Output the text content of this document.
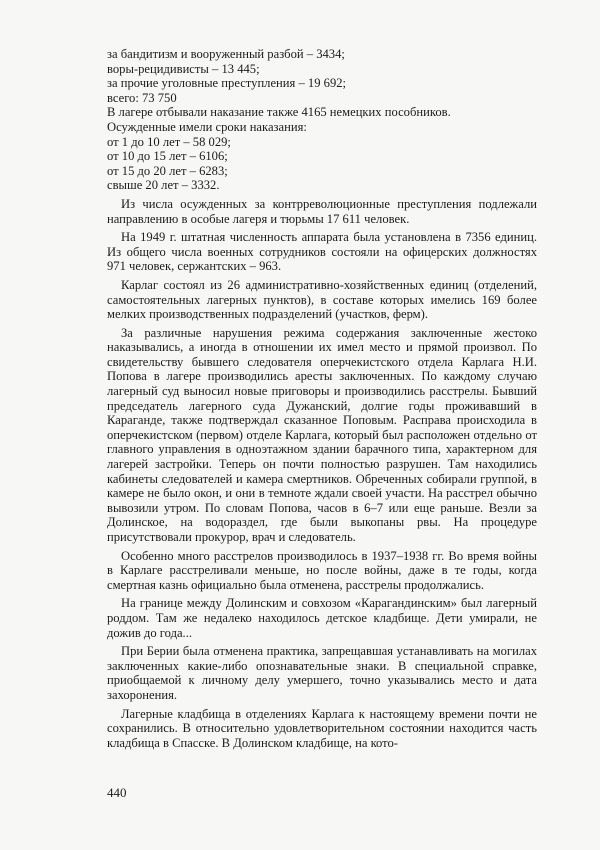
за бандитизм и вооруженный разбой – 3434;

воры-рецидивисты – 13 445;

за прочие уголовные преступления – 19 692;

всего: 73 750

В лагере отбывали наказание также 4165 немецких пособников.

Осужденные имели сроки наказания:

от 1 до 10 лет – 58 029;

от 10 до 15 лет – 6106;

от 15 до 20 лет – 6283;

свыше 20 лет – 3332.

Из числа осужденных за контрреволюционные преступления подлежали направлению в особые лагеря и тюрьмы 17 611 человек.

На 1949 г. штатная численность аппарата была установлена в 7356 единиц. Из общего числа военных сотрудников состояли на офицерских должностях 971 человек, сержантских – 963.

Карлаг состоял из 26 административно-хозяйственных единиц (отделений, самостоятельных лагерных пунктов), в составе которых имелись 169 более мелких производственных подразделений (участков, ферм).

За различные нарушения режима содержания заключенные жестоко наказывались, а иногда в отношении их имел место и прямой произвол. По свидетельству бывшего следователя оперчекистского отдела Карлага Н.И. Попова в лагере производились аресты заключенных. По каждому случаю лагерный суд выносил новые приговоры и производились расстрелы. Бывший председатель лагерного суда Дужанский, долгие годы проживавший в Караганде, также подтверждал сказанное Поповым. Расправа происходила в оперчекистском (первом) отделе Карлага, который был расположен отдельно от главного управления в одноэтажном здании барачного типа, характерном для лагерей застройки. Теперь он почти полностью разрушен. Там находились кабинеты следователей и камера смертников. Обреченных собирали группой, в камере не было окон, и они в темноте ждали своей участи. На расстрел обычно вывозили утром. По словам Попова, часов в 6–7 или еще раньше. Везли за Долинское, на водораздел, где были выкопаны рвы. На процедуре присутствовали прокурор, врач и следователь.

Особенно много расстрелов производилось в 1937–1938 гг. Во время войны в Карлаге расстреливали меньше, но после войны, даже в те годы, когда смертная казнь официально была отменена, расстрелы продолжались.

На границе между Долинским и совхозом «Карагандинским» был лагерный роддом. Там же недалеко находилось детское кладбище. Дети умирали, не дожив до года...

При Берии была отменена практика, запрещавшая устанавливать на могилах заключенных какие-либо опознавательные знаки. В специальной справке, приобщаемой к личному делу умершего, точно указывались место и дата захоронения.

Лагерные кладбища в отделениях Карлага к настоящему времени почти не сохранились. В относительно удовлетворительном состоянии находится часть кладбища в Спасске. В Долинском кладбище, на кото-

440
